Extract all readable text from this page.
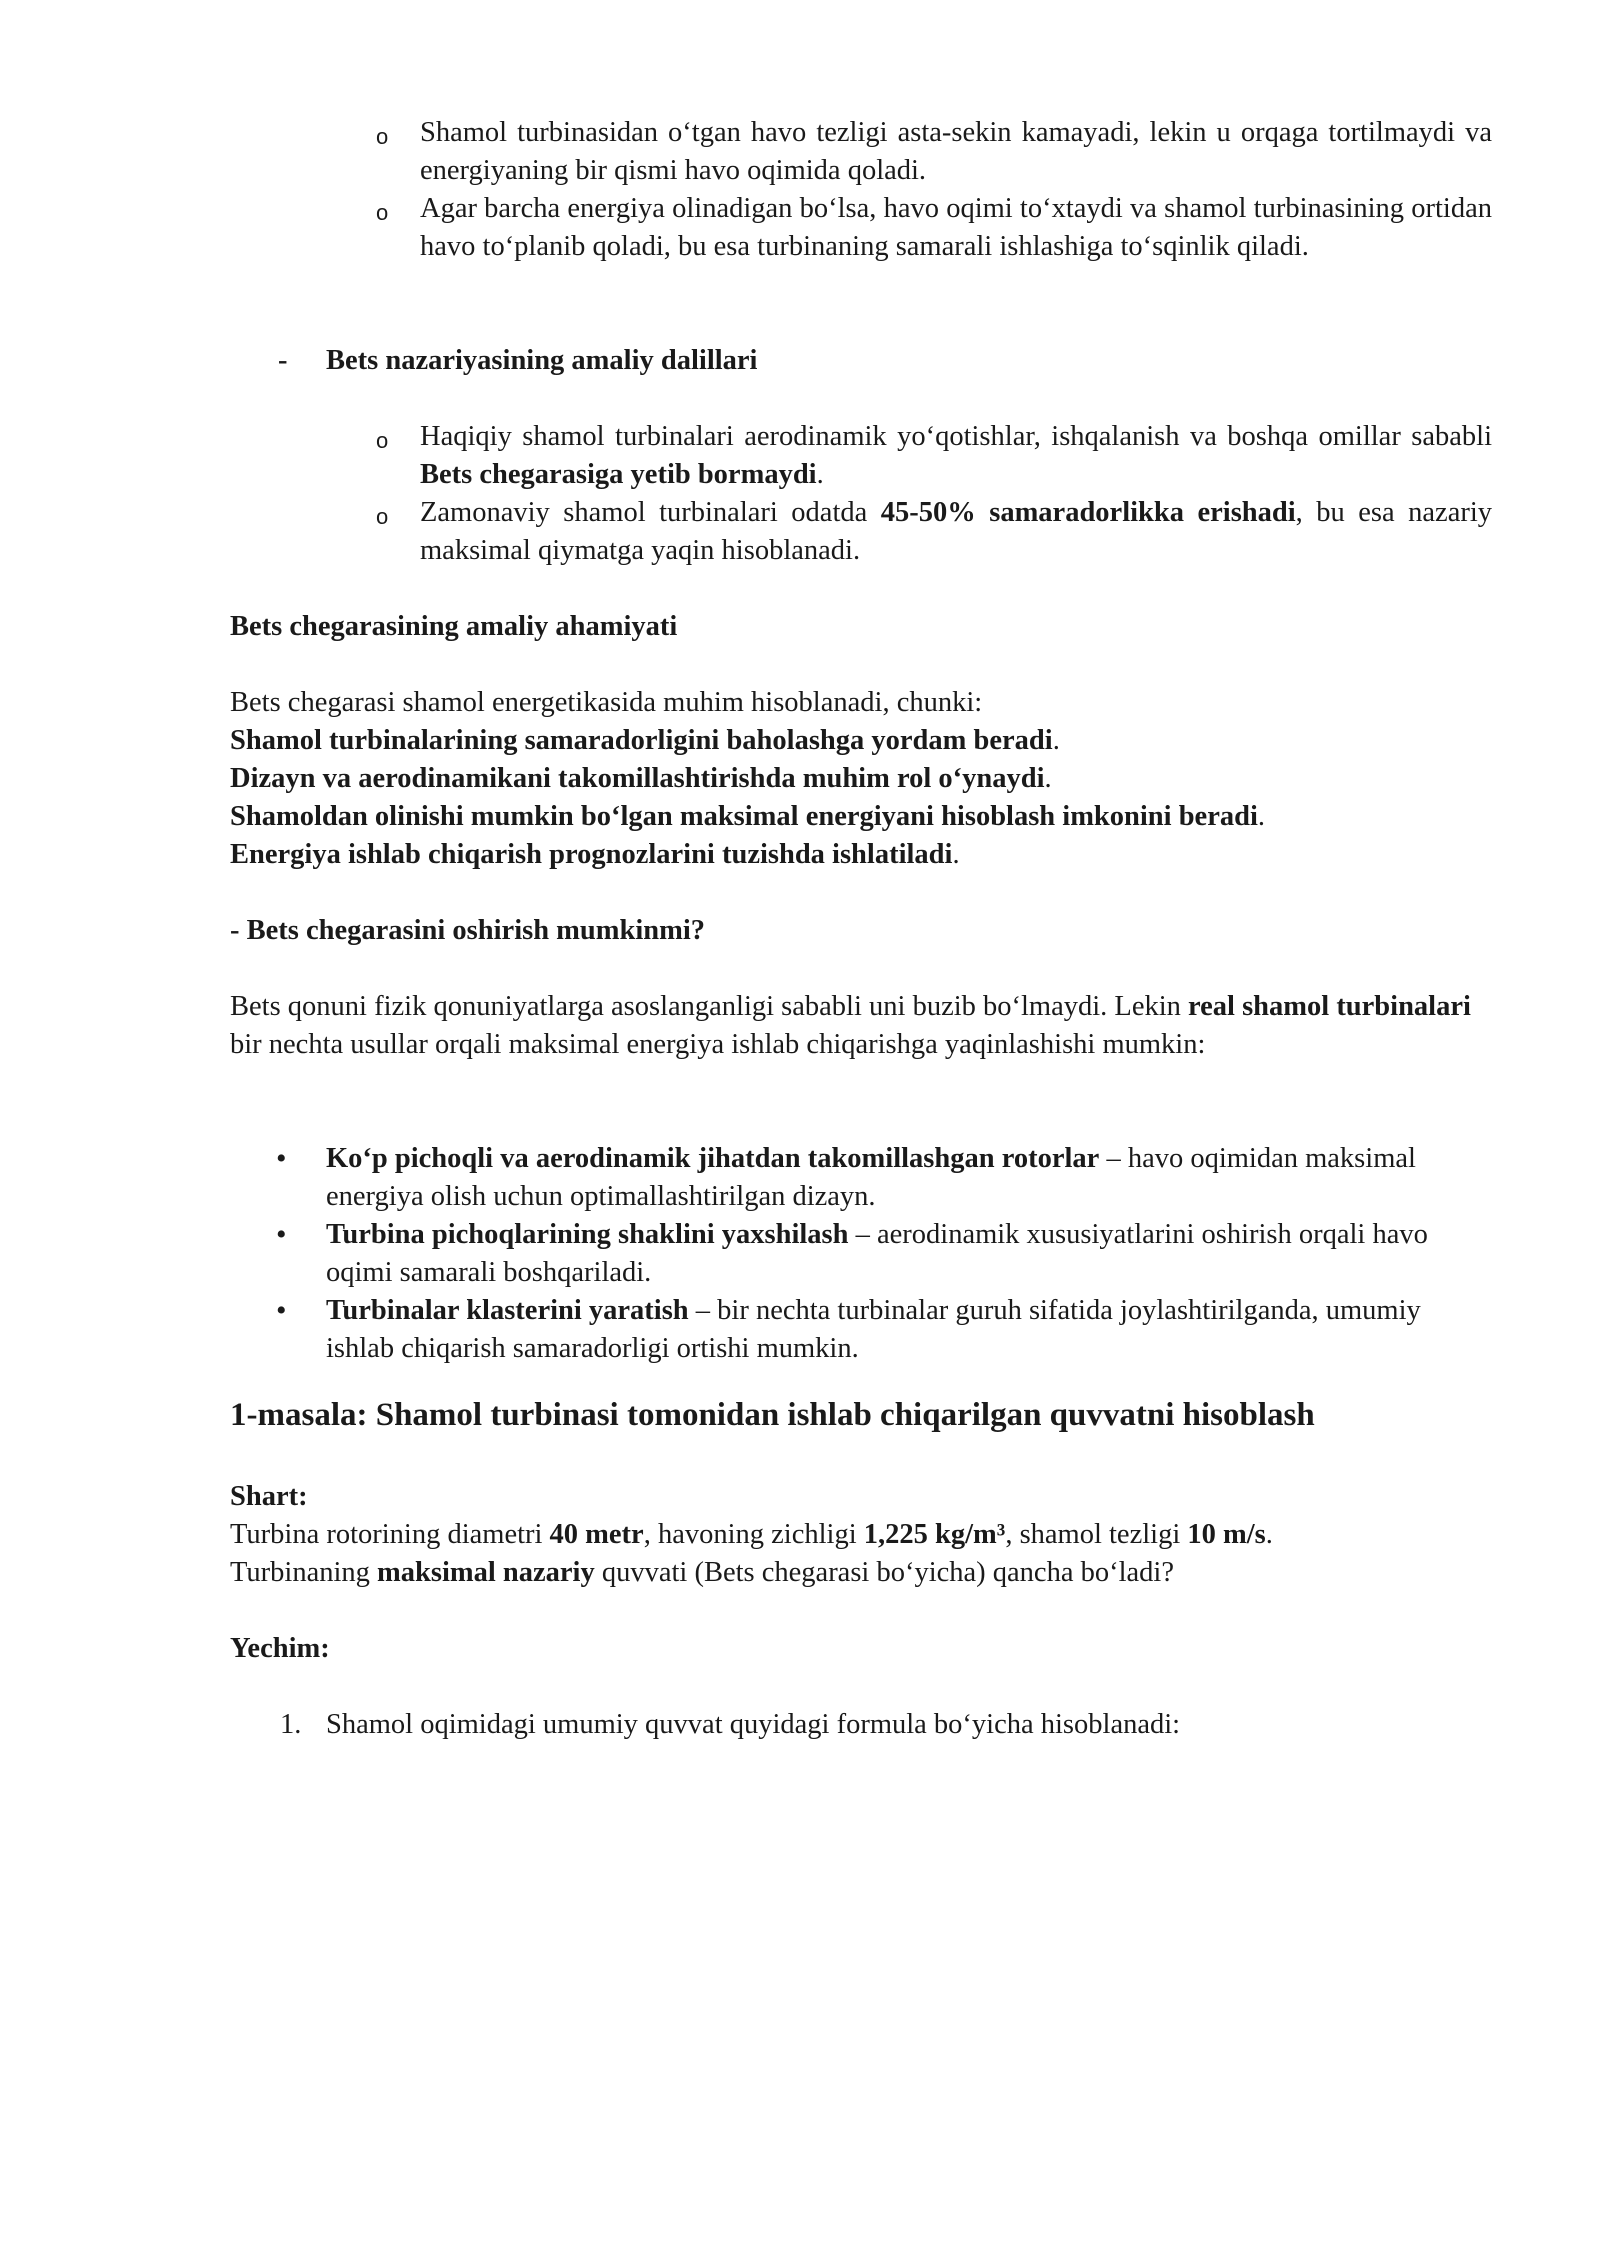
o Shamol turbinasidan o‘tgan havo tezligi asta-sekin kamayadi, lekin u orqaga tortilmaydi va energiyaning bir qismi havo oqimida qoladi.

o Agar barcha energiya olinadigan bo‘lsa, havo oqimi to‘xtaydi va shamol turbinasining ortidan havo to‘planib qoladi, bu esa turbinaning samarali ishlashiga to‘sqinlik qiladi.

-	Bets nazariyasining amaliy dalillari

o Haqiqiy shamol turbinalari aerodinamik yo‘qotishlar, ishqalanish va boshqa omillar sababli Bets chegarasiga yetib bormaydi.

o Zamonaviy shamol turbinalari odatda 45-50% samaradorlikka erishadi, bu esa nazariy maksimal qiymatga yaqin hisoblanadi.

Bets chegarasining amaliy ahamiyati

Bets chegarasi shamol energetikasida muhim hisoblanadi, chunki:

Shamol turbinalarining samaradorligini baholashga yordam beradi.

Dizayn va aerodinamikani takomillashtirishda muhim rol o‘ynaydi.

Shamoldan olinishi mumkin bo‘lgan maksimal energiyani hisoblash imkonini beradi.

Energiya ishlab chiqarish prognozlarini tuzishda ishlatiladi.

- Bets chegarasini oshirish mumkinmi?

Bets qonuni fizik qonuniyatlarga asoslanganligi sababli uni buzib bo‘lmaydi. Lekin real shamol turbinalari bir nechta usullar orqali maksimal energiya ishlab chiqarishga yaqinlashishi mumkin:

• Ko‘p pichoqli va aerodinamik jihatdan takomillashgan rotorlar – havo oqimidan maksimal energiya olish uchun optimallashtirilgan dizayn.

• Turbina pichoqlarining shaklini yaxshilash – aerodinamik xususiyatlarini oshirish orqali havo oqimi samarali boshqariladi.

• Turbinalar klasterini yaratish – bir nechta turbinalar guruh sifatida joylashtirilganda, umumiy ishlab chiqarish samaradorligi ortishi mumkin.

1-masala: Shamol turbinasi tomonidan ishlab chiqarilgan quvvatni hisoblash

Shart:

Turbina rotorining diametri 40 metr, havoning zichligi 1,225 kg/m³, shamol tezligi 10 m/s.

Turbinaning maksimal nazariy quvvati (Bets chegarasi bo‘yicha) qancha bo‘ladi?

Yechim:

1. Shamol oqimidagi umumiy quvvat quyidagi formula bo‘yicha hisoblanadi:
